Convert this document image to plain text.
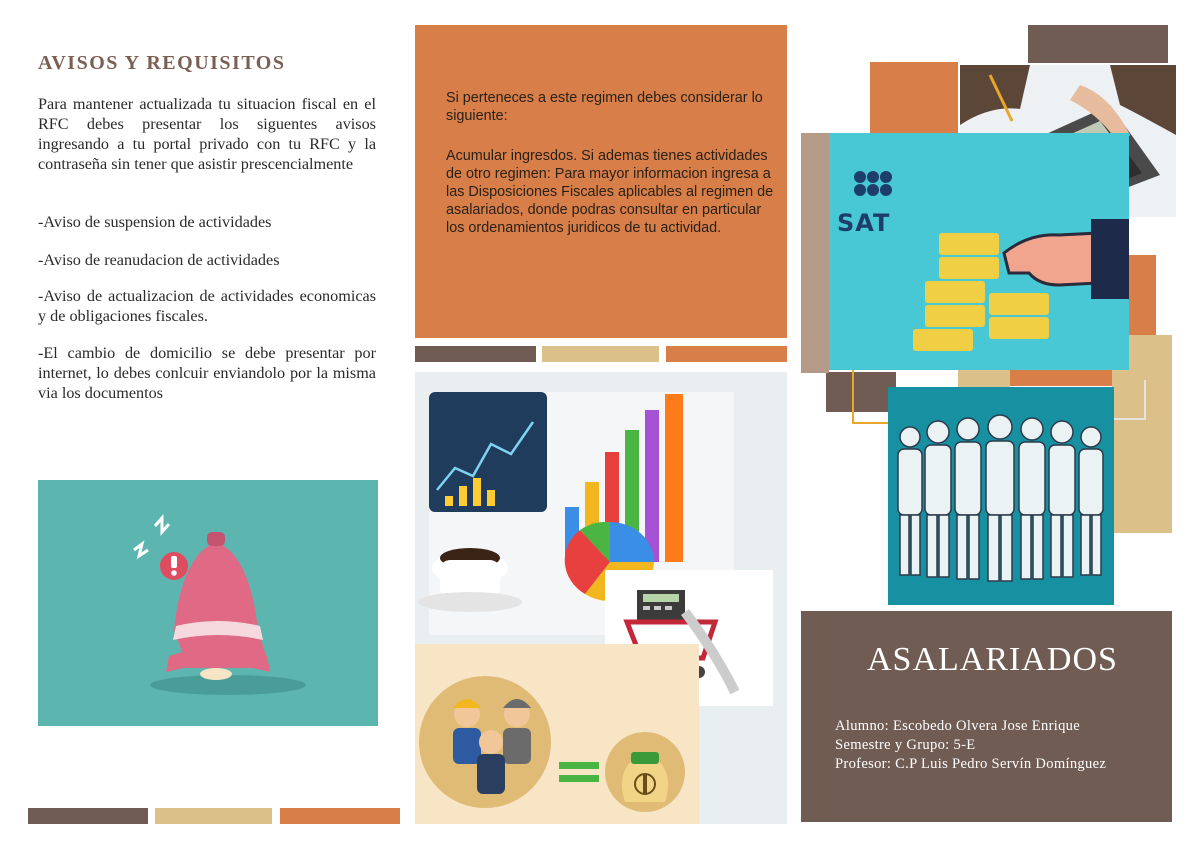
AVISOS Y REQUISITOS

Para mantener actualizada tu situacion fiscal en el RFC debes presentar los siguentes avisos ingresando a tu portal privado con tu RFC y la contraseña sin tener que asistir prescencialmente

-Aviso de suspension de actividades

-Aviso de reanudacion de actividades

-Aviso de actualizacion de actividades economicas y de obligaciones fiscales.

-El cambio de domicilio se debe presentar por internet, lo debes conlcuir enviandolo por la misma via los documentos

Si perteneces a este regimen debes considerar lo siguiente:

Acumular ingresdos. Si ademas tienes actividades de otro regimen: Para mayor informacion ingresa a las Disposiciones Fiscales aplicables al regimen de asalariados, donde podras consultar en particular los ordenamientos juridicos de tu actividad.	SAT
ASALARIADOS
Alumno: Escobedo Olvera Jose Enrique
Semestre y Grupo: 5-E
Profesor: C.P Luis Pedro Servín Domínguez
